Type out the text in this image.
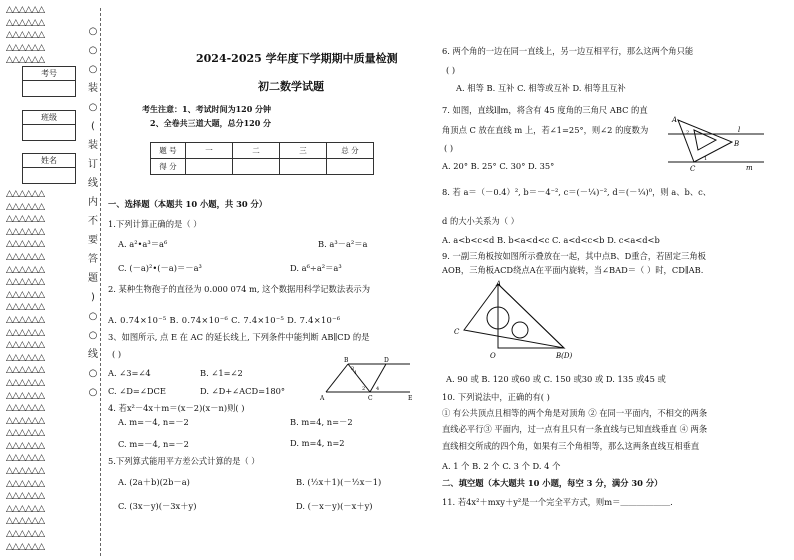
△△△△△△
△△△△△△
△△△△△△
△△△△△△
△△△△△△
考号
班级
姓名
△△△△△△
△△△△△△
△△△△△△
△△△△△△
△△△△△△
△△△△△△
△△△△△△
△△△△△△
△△△△△△
△△△△△△
△△△△△△
△△△△△△
△△△△△△
△△△△△△
△△△△△△
△△△△△△
△△△△△△
△△△△△△
△△△△△△
△△△△△△
△△△△△△
△△△△△△
△△△△△△
△△△△△△
△△△△△△
△△△△△△
△△△△△△
△△△△△△
△△△△△△
○
○
○
装
○
(
装
订
线
内
不
要
答
题
)
○
○
线
○
○
2024-2025 学年度下学期期中质量检测
初二数学试题
考生注意：1、考试时间为120 分钟
2、全卷共三道大题，总分120 分
题 号	一	二	三	总 分
得 分				
一、选择题（本题共 10 小题，共 30 分）
1.下列计算正确的是（ ）
A. a²•a³＝a⁶	B. a³－a²＝a
C. (－a)²•(－a)＝－a³	D. a⁶÷a²＝a³
2. 某种生物孢子的直径为 0.000 074 m, 这个数据用科学记数法表示为
A. 0.74×10⁻⁵ B. 0.74×10⁻⁶ C. 7.4×10⁻⁵ D. 7.4×10⁻⁶
3、如图所示, 点 E 在 AC 的延长线上, 下列条件中能判断 AB∥CD 的是
( )
A. ∠3=∠4	B. ∠1=∠2
C. ∠D=∠DCE	D. ∠D+∠ACD=180°
B	D
A	C	E
1
3
2 4
4. 若x²－4x＋m＝(x－2)(x－n)则( )
A. m=－4, n=－2	B. m=4, n=－2
C. m=－4, n=－2	D. m=4, n=2
5.下列算式能用平方差公式计算的是（ ）
A. (2a＋b)(2b－a)	B. (½x＋1)(－½x－1)
C. (3x－y)(－3x＋y)	D. (－x－y)(－x＋y)
6. 两个角的一边在同一直线上，另一边互相平行，那么这两个角只能
( )
A. 相等 B. 互补 C. 相等或互补 D. 相等且互补
7. 如图，直线l∥m，将含有 45 度角的三角尺 ABC 的直
角顶点 C 放在直线 m 上，若∠1=25°，则∠2 的度数为
( )
A. 20° B. 25° C. 30° D. 35°
A
B
C
l
m
2
1
8. 若 a＝（－0.4）², b＝－4⁻², c＝(－¼)⁻², d＝(－¼)⁰，则 a、b、c、
d 的大小关系为（ ）
A. a<b<c<d B. b<a<d<c C. a<d<c<b D. c<a<d<b
9. 一副三角板按如图所示叠放在一起，其中点B、D重合，若固定三角板
AOB，三角板ACD绕点A在平面内旋转，当∠BAD＝（ ）时，CD∥AB.
A
C
O	B(D)
A. 90 或 B. 120 或60 或 C. 150 或30 或 D. 135 或45 或
10. 下列说法中，正确的有( )
① 有公共顶点且相等的两个角是对顶角 ② 在同一平面内，不相交的两条
直线必平行③ 平面内，过一点有且只有一条直线与已知直线垂直 ④ 两条
直线相交所成的四个角，如果有三个角相等，那么这两条直线互相垂直
A. 1 个 B. 2 个 C. 3 个 D. 4 个
二、填空题（本大题共 10 小题，每空 3 分，满分 30 分）
11. 若4x²＋mxy＋y²是一个完全平方式，则m＝＿＿＿＿＿＿.
